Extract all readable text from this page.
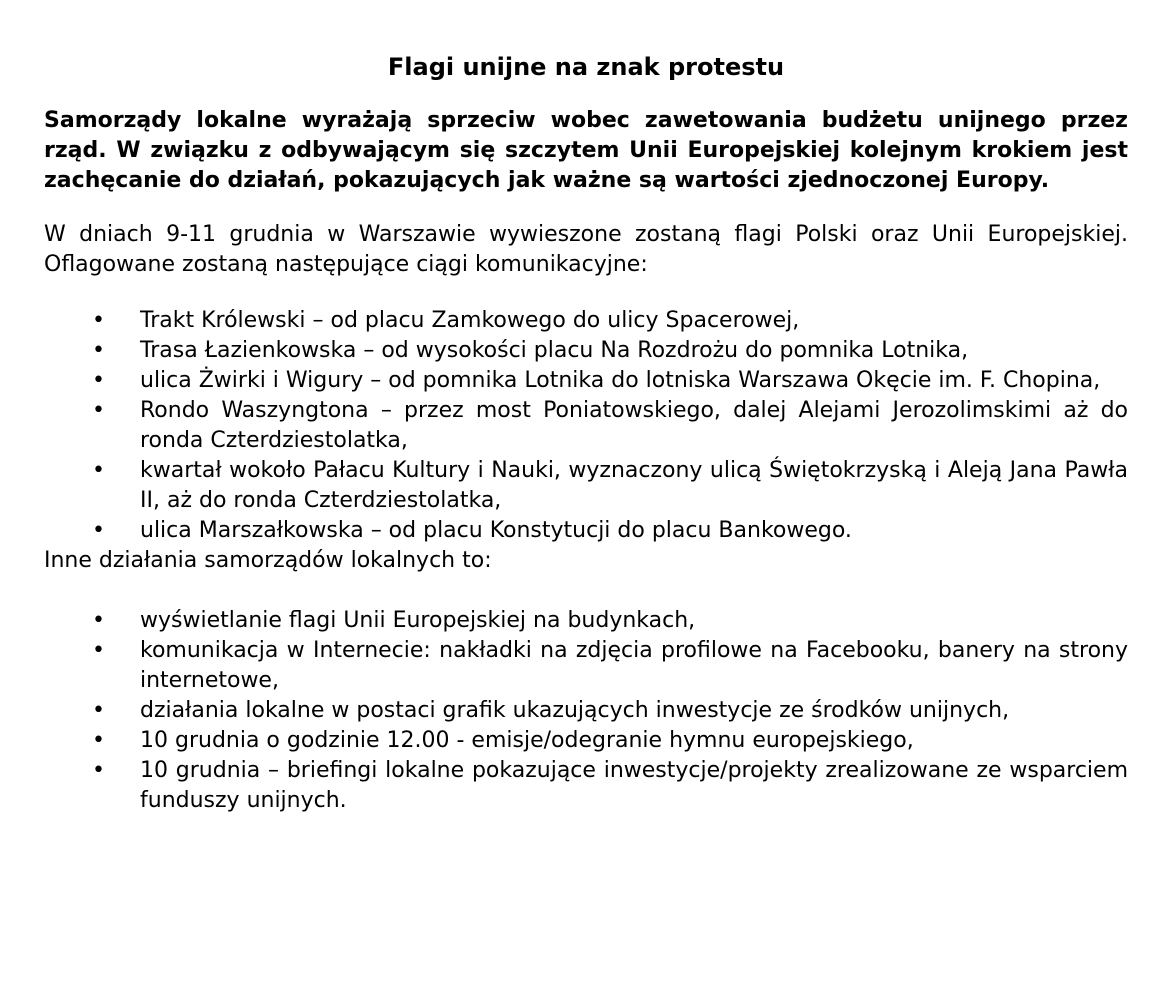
Flagi unijne na znak protestu

Samorządy lokalne wyrażają sprzeciw wobec zawetowania budżetu unijnego przez rząd. W związku z odbywającym się szczytem Unii Europejskiej kolejnym krokiem jest zachęcanie do działań, pokazujących jak ważne są wartości zjednoczonej Europy.

W dniach 9-11 grudnia w Warszawie wywieszone zostaną flagi Polski oraz Unii Europejskiej. Oflagowane zostaną następujące ciągi komunikacyjne:

• Trakt Królewski – od placu Zamkowego do ulicy Spacerowej,
• Trasa Łazienkowska – od wysokości placu Na Rozdrożu do pomnika Lotnika,
• ulica Żwirki i Wigury – od pomnika Lotnika do lotniska Warszawa Okęcie im. F. Chopina,
• Rondo Waszyngtona – przez most Poniatowskiego, dalej Alejami Jerozolimskimi aż do ronda Czterdziestolatka,
• kwartał wokoło Pałacu Kultury i Nauki, wyznaczony ulicą Świętokrzyską i Aleją Jana Pawła II, aż do ronda Czterdziestolatka,
• ulica Marszałkowska – od placu Konstytucji do placu Bankowego.

Inne działania samorządów lokalnych to:

• wyświetlanie flagi Unii Europejskiej na budynkach,
• komunikacja w Internecie: nakładki na zdjęcia profilowe na Facebooku, banery na strony internetowe,
• działania lokalne w postaci grafik ukazujących inwestycje ze środków unijnych,
• 10 grudnia o godzinie 12.00 - emisje/odegranie hymnu europejskiego,
• 10 grudnia – briefingi lokalne pokazujące inwestycje/projekty zrealizowane ze wsparciem funduszy unijnych.
